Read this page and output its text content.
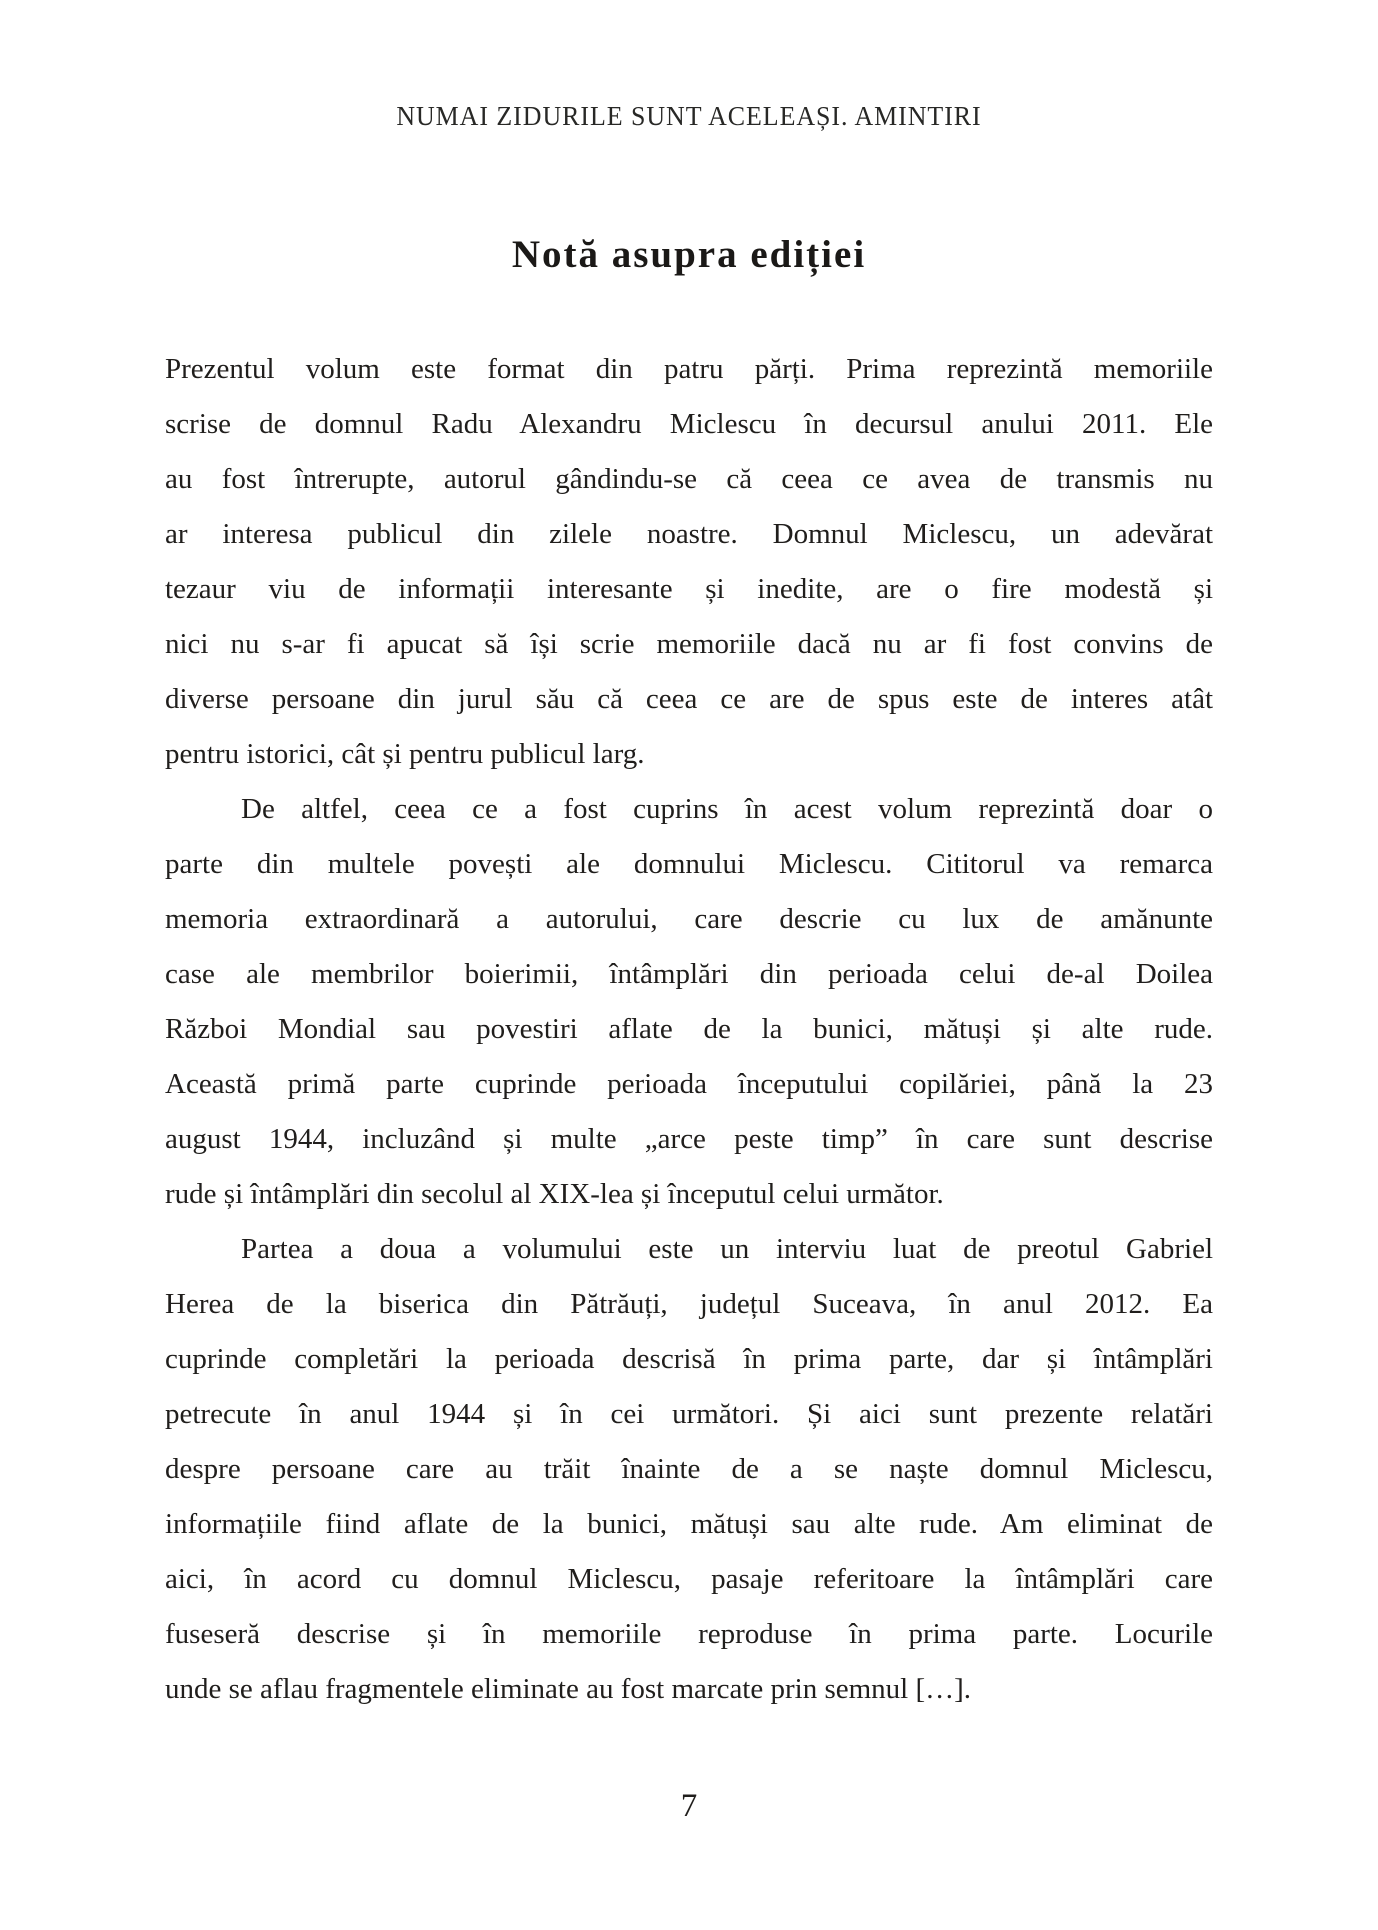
NUMAI ZIDURILE SUNT ACELEAȘI. AMINTIRI
Notă asupra ediției
Prezentul volum este format din patru părți. Prima reprezintă memoriile
scrise de domnul Radu Alexandru Miclescu în decursul anului 2011. Ele
au fost întrerupte, autorul gândindu-se că ceea ce avea de transmis nu
ar interesa publicul din zilele noastre. Domnul Miclescu, un adevărat
tezaur viu de informații interesante și inedite, are o fire modestă și
nici nu s-ar fi apucat să își scrie memoriile dacă nu ar fi fost convins de
diverse persoane din jurul său că ceea ce are de spus este de interes atât
pentru istorici, cât și pentru publicul larg.
De altfel, ceea ce a fost cuprins în acest volum reprezintă doar o
parte din multele povești ale domnului Miclescu. Cititorul va remarca
memoria extraordinară a autorului, care descrie cu lux de amănunte
case ale membrilor boierimii, întâmplări din perioada celui de-al Doilea
Război Mondial sau povestiri aflate de la bunici, mătuși și alte rude.
Această primă parte cuprinde perioada începutului copilăriei, până la 23
august 1944, incluzând și multe „arce peste timp” în care sunt descrise
rude și întâmplări din secolul al XIX-lea și începutul celui următor.
Partea a doua a volumului este un interviu luat de preotul Gabriel
Herea de la biserica din Pătrăuți, județul Suceava, în anul 2012. Ea
cuprinde completări la perioada descrisă în prima parte, dar și întâmplări
petrecute în anul 1944 și în cei următori. Și aici sunt prezente relatări
despre persoane care au trăit înainte de a se naște domnul Miclescu,
informațiile fiind aflate de la bunici, mătuși sau alte rude. Am eliminat de
aici, în acord cu domnul Miclescu, pasaje referitoare la întâmplări care
fuseseră descrise și în memoriile reproduse în prima parte. Locurile
unde se aflau fragmentele eliminate au fost marcate prin semnul […].
7
